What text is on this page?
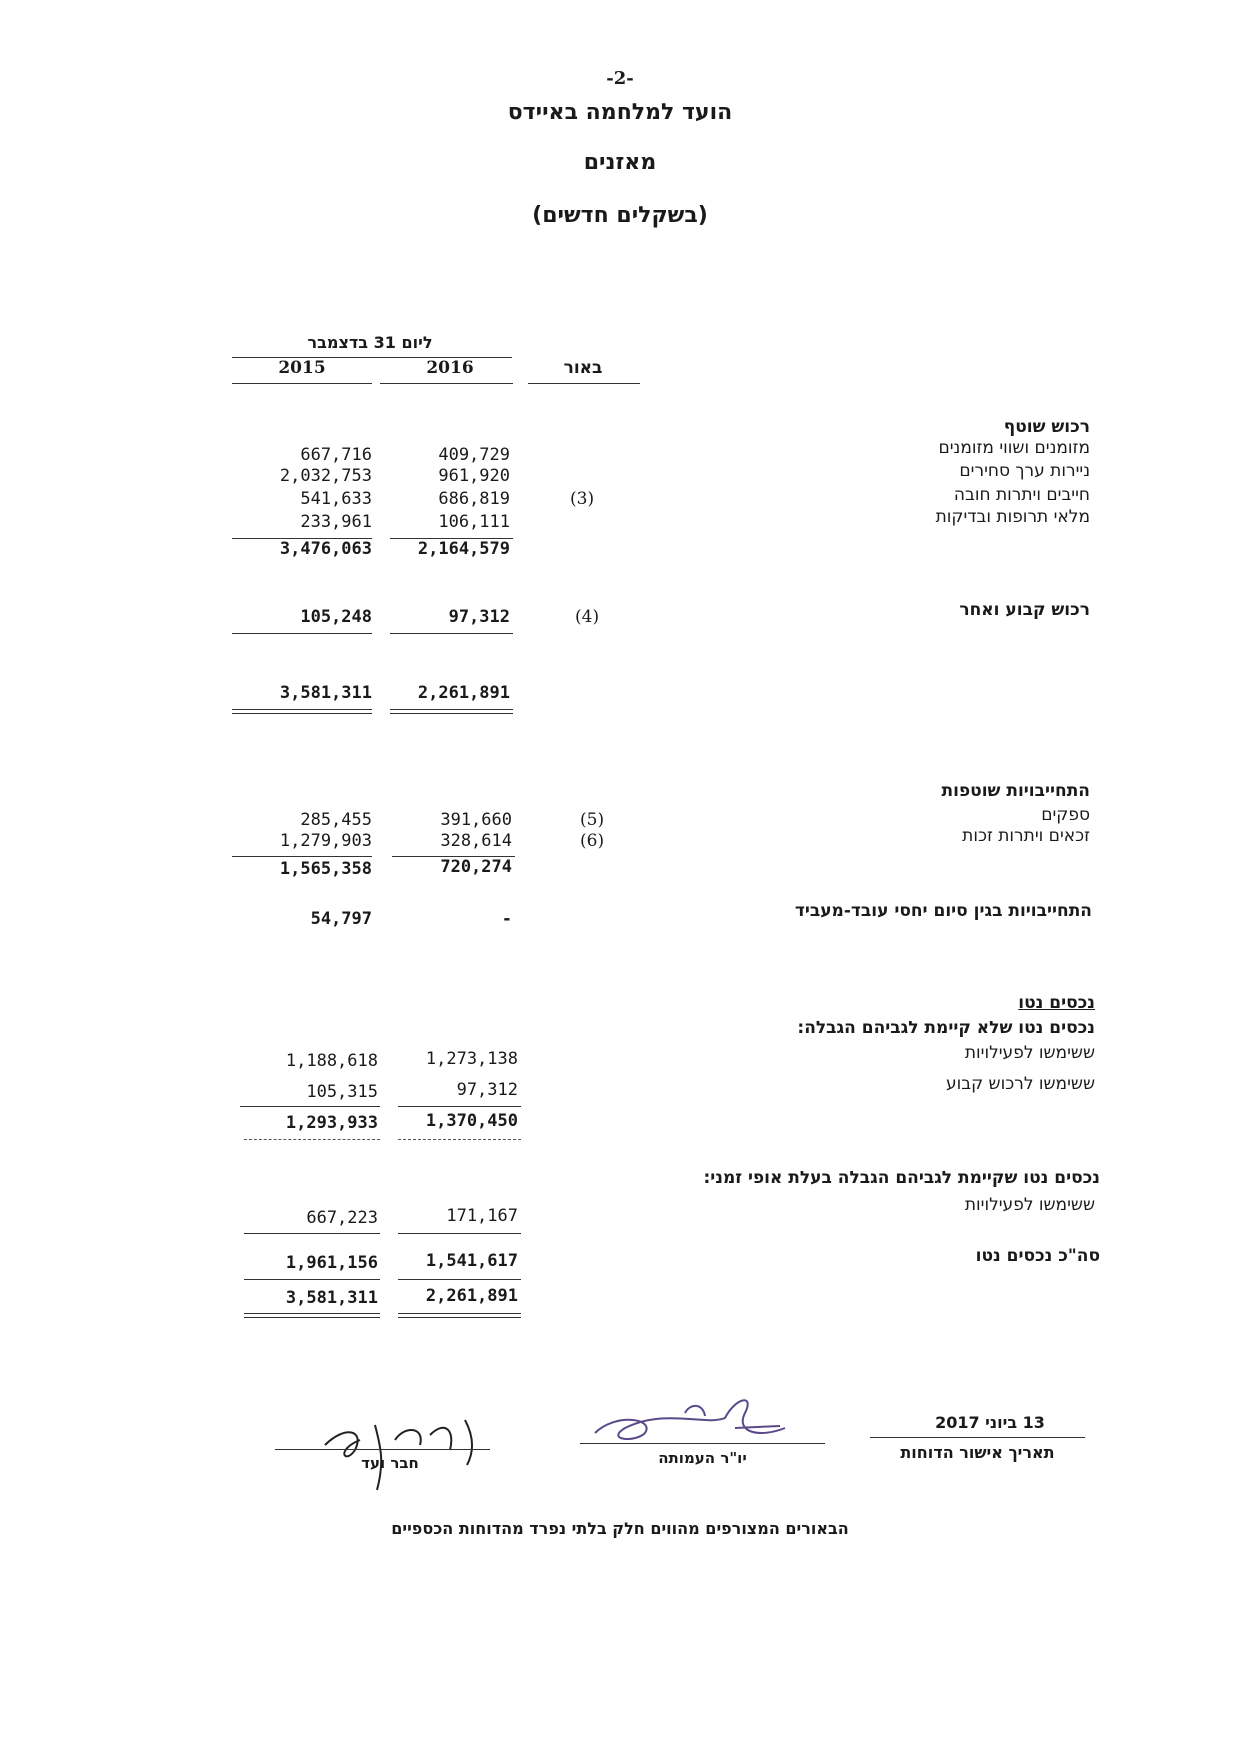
-2-
הועד למלחמה באיידס
מאזנים
(בשקלים חדשים)
ליום 31 בדצמבר
2015	2016	באור
רכוש שוטף
מזומנים ושווי מזומנים
409,729
667,716
ניירות ערך סחירים
961,920
2,032,753
חייבים ויתרות חובה
(3)
686,819
541,633
מלאי תרופות ובדיקות
106,111
233,961
2,164,579
3,476,063
רכוש קבוע ואחר
(4)
97,312
105,248
2,261,891
3,581,311
התחייבויות שוטפות
ספקים
(5)
391,660
285,455
זכאים ויתרות זכות
(6)
328,614
1,279,903
720,274
1,565,358
התחייבויות בגין סיום יחסי עובד-מעביד
-
54,797
נכסים נטו
נכסים נטו שלא קיימת לגביהם הגבלה:
ששימשו לפעילויות
1,273,138
1,188,618
ששימשו לרכוש קבוע
97,312
105,315
1,370,450
1,293,933
נכסים נטו שקיימת לגביהם הגבלה בעלת אופי זמני:
ששימשו לפעילויות
171,167
667,223
סה"כ נכסים נטו
1,541,617
1,961,156
2,261,891
3,581,311
13 ביוני 2017
תאריך אישור הדוחות
יו"ר העמותה
חבר ועד
הבאורים המצורפים מהווים חלק בלתי נפרד מהדוחות הכספיים
